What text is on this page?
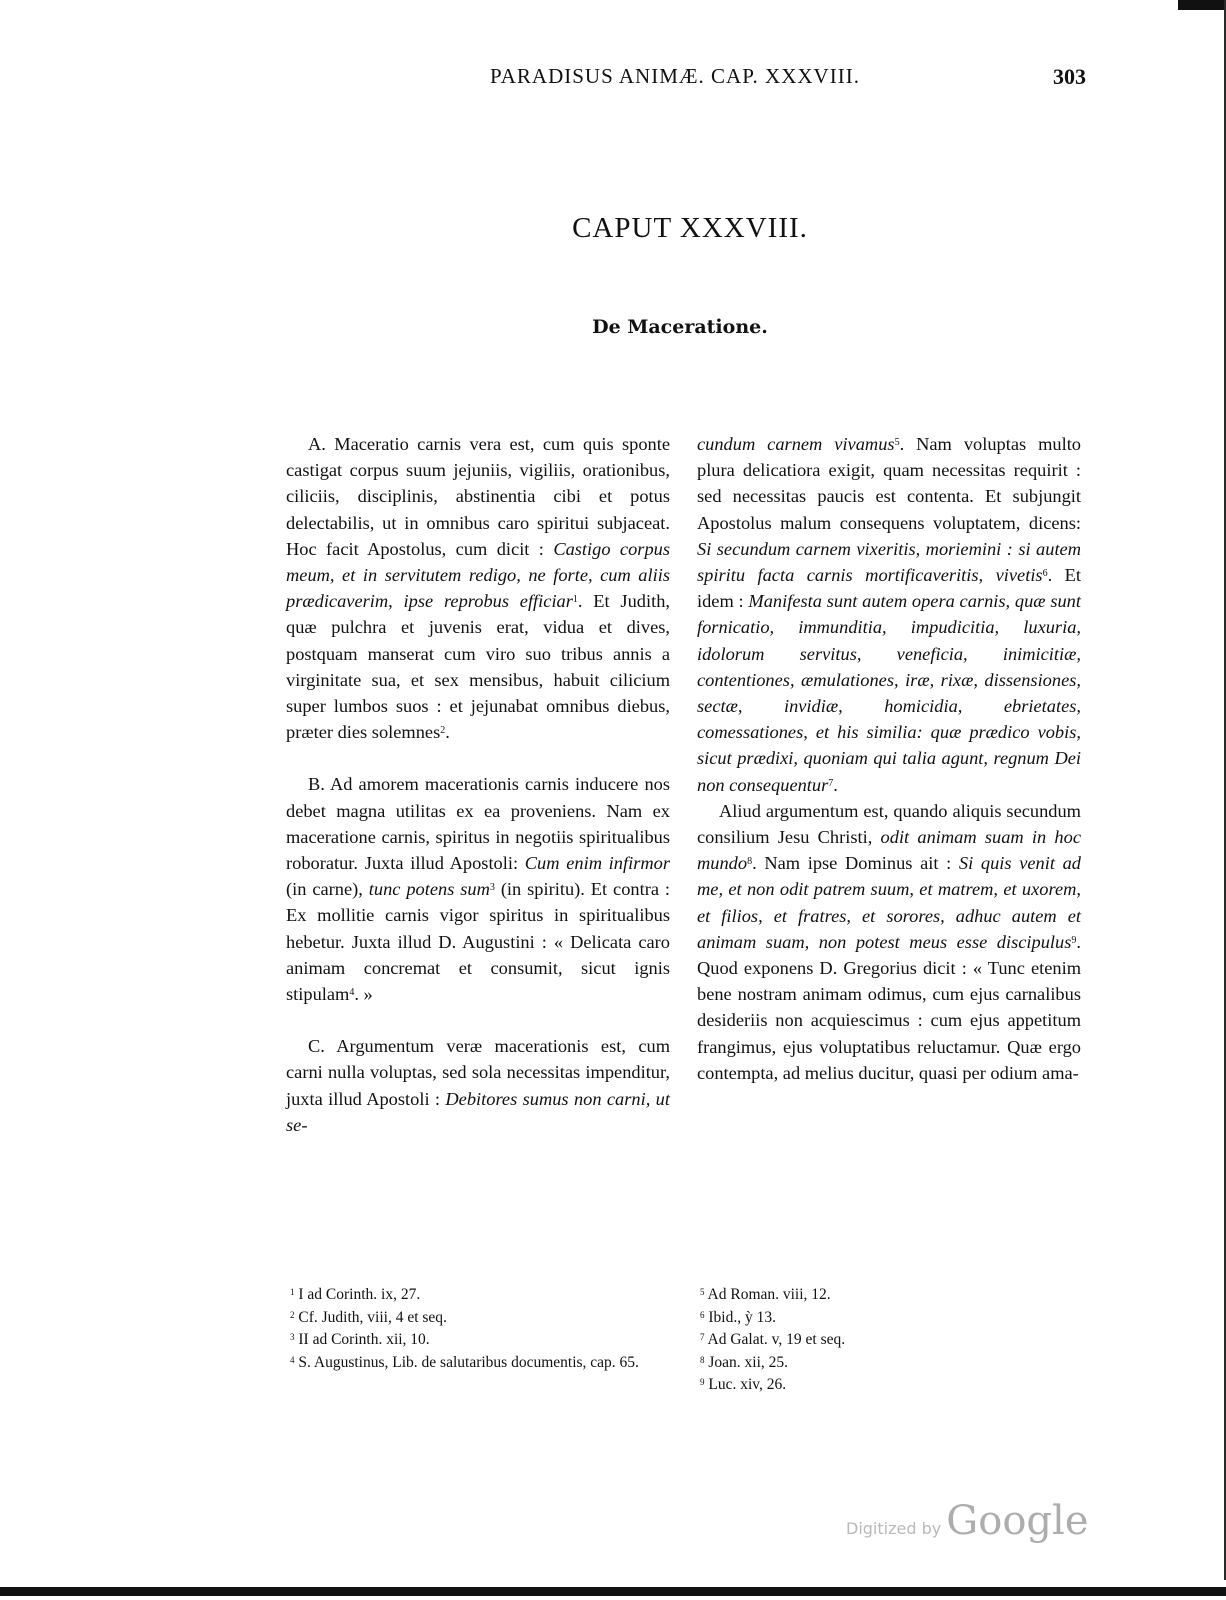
PARADISUS ANIMÆ. CAP. XXXVIII.	303
CAPUT XXXVIII.
De Maceratione.

A. Maceratio carnis vera est, cum quis sponte castigat corpus suum jejuniis, vigiliis, orationibus, ciliciis, disciplinis, abstinentia cibi et potus delectabilis, ut in omnibus caro spiritui subjaceat. Hoc facit Apostolus, cum dicit : Castigo corpus meum, et in servitutem redigo, ne forte, cum aliis prædicaverim, ipse reprobus efficiar$^1$. Et Judith, quæ pulchra et juvenis erat, vidua et dives, postquam manserat cum viro suo tribus annis a virginitate sua, et sex mensibus, habuit cilicium super lumbos suos : et jejunabat omnibus diebus, præter dies solemnes$^2$.

B. Ad amorem macerationis carnis inducere nos debet magna utilitas ex ea proveniens. Nam ex maceratione carnis, spiritus in negotiis spiritualibus roboratur. Juxta illud Apostoli: Cum enim infirmor (in carne), tunc potens sum$^3$ (in spiritu). Et contra : Ex mollitie carnis vigor spiritus in spiritualibus hebetur. Juxta illud D. Augustini : « Delicata caro animam concremat et consumit, sicut ignis stipulam$^4$. »

C. Argumentum veræ macerationis est, cum carni nulla voluptas, sed sola necessitas impenditur, juxta illud Apostoli : Debitores sumus non carni, ut se-

cundum carnem vivamus$^5$. Nam voluptas multo plura delicatiora exigit, quam necessitas requirit : sed necessitas paucis est contenta. Et subjungit Apostolus malum consequens voluptatem, dicens: Si secundum carnem vixeritis, moriemini : si autem spiritu facta carnis mortificaveritis, vivetis$^6$. Et idem : Manifesta sunt autem opera carnis, quæ sunt fornicatio, immunditia, impudicitia, luxuria, idolorum servitus, veneficia, inimicitiæ, contentiones, æmulationes, iræ, rixæ, dissensiones, sectæ, invidiæ, homicidia, ebrietates, comessationes, et his similia: quæ prædico vobis, sicut prædixi, quoniam qui talia agunt, regnum Dei non consequentur$^7$.

Aliud argumentum est, quando aliquis secundum consilium Jesu Christi, odit animam suam in hoc mundo$^8$. Nam ipse Dominus ait : Si quis venit ad me, et non odit patrem suum, et matrem, et uxorem, et filios, et fratres, et sorores, adhuc autem et animam suam, non potest meus esse discipulus$^9$. Quod exponens D. Gregorius dicit : « Tunc etenim bene nostram animam odimus, cum ejus carnalibus desideriis non acquiescimus : cum ejus appetitum frangimus, ejus voluptatibus reluctamur. Quæ ergo contempta, ad melius ducitur, quasi per odium ama-

$^1$ I ad Corinth. ix, 27.

$^2$ Cf. Judith, viii, 4 et seq.

$^3$ II ad Corinth. xii, 10.

$^4$ S. Augustinus, Lib. de salutaribus documentis, cap. 65.

$^5$ Ad Roman. viii, 12.

$^6$ Ibid., ỳ 13.

$^7$ Ad Galat. v, 19 et seq.

$^8$ Joan. xii, 25.

$^9$ Luc. xiv, 26.

Digitized by Google
